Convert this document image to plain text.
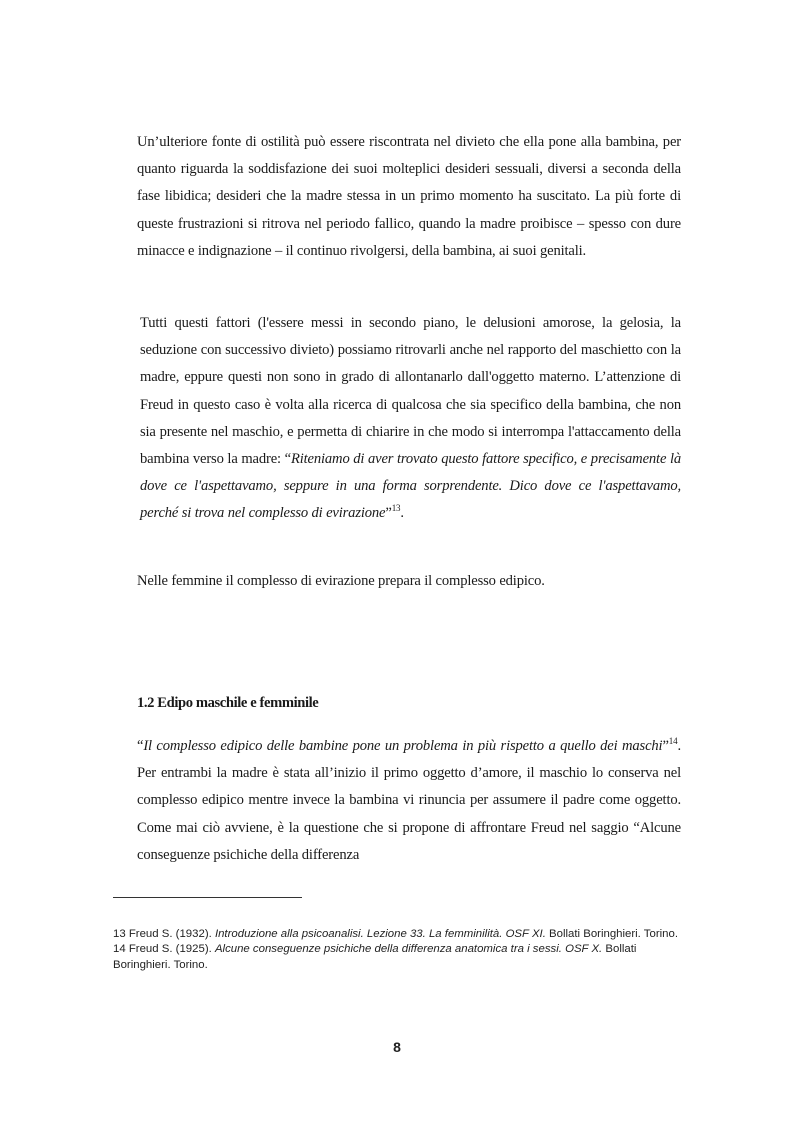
Un’ulteriore fonte di ostilità può essere riscontrata nel divieto che ella pone alla bambina, per quanto riguarda la soddisfazione dei suoi molteplici desideri sessuali, diversi a seconda della fase libidica; desideri che la madre stessa in un primo momento ha suscitato. La più forte di queste frustrazioni si ritrova nel periodo fallico, quando la madre proibisce – spesso con dure minacce e indignazione – il continuo rivolgersi, della bambina, ai suoi genitali.

Tutti questi fattori (l'essere messi in secondo piano, le delusioni amorose, la gelosia, la seduzione con successivo divieto) possiamo ritrovarli anche nel rapporto del maschietto con la madre, eppure questi non sono in grado di allontanarlo dall'oggetto materno. L’attenzione di Freud in questo caso è volta alla ricerca di qualcosa che sia specifico della bambina, che non sia presente nel maschio, e permetta di chiarire in che modo si interrompa l'attaccamento della bambina verso la madre: “Riteniamo di aver trovato questo fattore specifico, e precisamente là dove ce l'aspettavamo, seppure in una forma sorprendente. Dico dove ce l'aspettavamo, perché si trova nel complesso di evirazione”$^{13}$.

Nelle femmine il complesso di evirazione prepara il complesso edipico.

1.2 Edipo maschile e femminile

“Il complesso edipico delle bambine pone un problema in più rispetto a quello dei maschi”$^{14}$. Per entrambi la madre è stata all’inizio il primo oggetto d’amore, il maschio lo conserva nel complesso edipico mentre invece la bambina vi rinuncia per assumere il padre come oggetto. Come mai ciò avviene, è la questione che si propone di affrontare Freud nel saggio “Alcune conseguenze psichiche della differenza

13 Freud S. (1932). Introduzione alla psicoanalisi. Lezione 33. La femminilità. OSF XI. Bollati Boringhieri. Torino.

14 Freud S. (1925). Alcune conseguenze psichiche della differenza anatomica tra i sessi. OSF X. Bollati Boringhieri. Torino.

8
